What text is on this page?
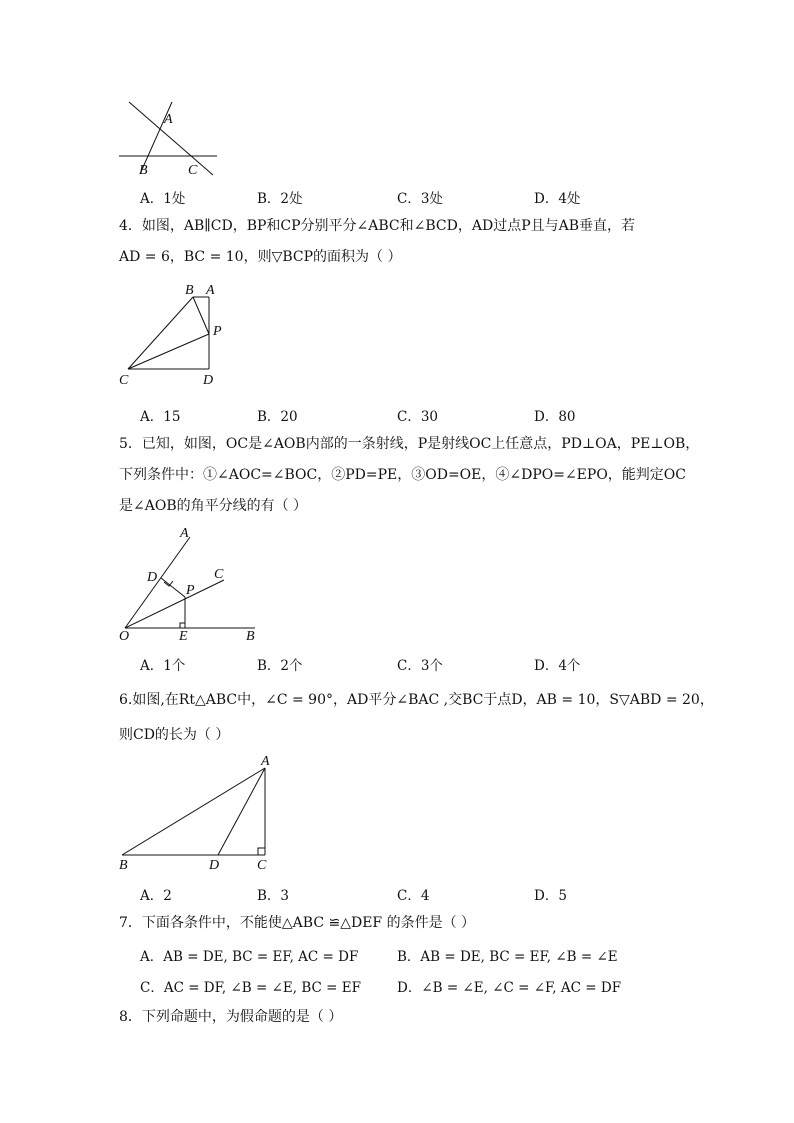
A
B	C
A．1处	B．2处	C．3处	D．4处
4．如图，AB∥CD，BP和CP分别平分∠ABC和∠BCD，AD过点P且与AB垂直，若
AD = 6，BC = 10，则▽BCP的面积为（ ）
B A
P
C	D
A．15	B．20	C．30	D．80
5．已知，如图，OC是∠AOB内部的一条射线，P是射线OC上任意点，PD⊥OA，PE⊥OB，
下列条件中：①∠AOC=∠BOC，②PD=PE，③OD=OE，④∠DPO=∠EPO，能判定OC
是∠AOB的角平分线的有（ ）
A
D	C
P
O	E	B
A．1个	B．2个	C．3个	D．4个
6.如图,在Rt△ABC中，∠C = 90°，AD平分∠BAC ,交BC于点D，AB = 10，S▽ABD = 20，
则CD的长为（ ）
A
B	D	C
A．2	B．3	C．4	D．5
7．下面各条件中，不能使△ABC ≌△DEF 的条件是（ ）
A．AB = DE, BC = EF, AC = DF	B．AB = DE, BC = EF, ∠B = ∠E
C．AC = DF, ∠B = ∠E, BC = EF	D．∠B = ∠E, ∠C = ∠F, AC = DF
8．下列命题中，为假命题的是（ ）
